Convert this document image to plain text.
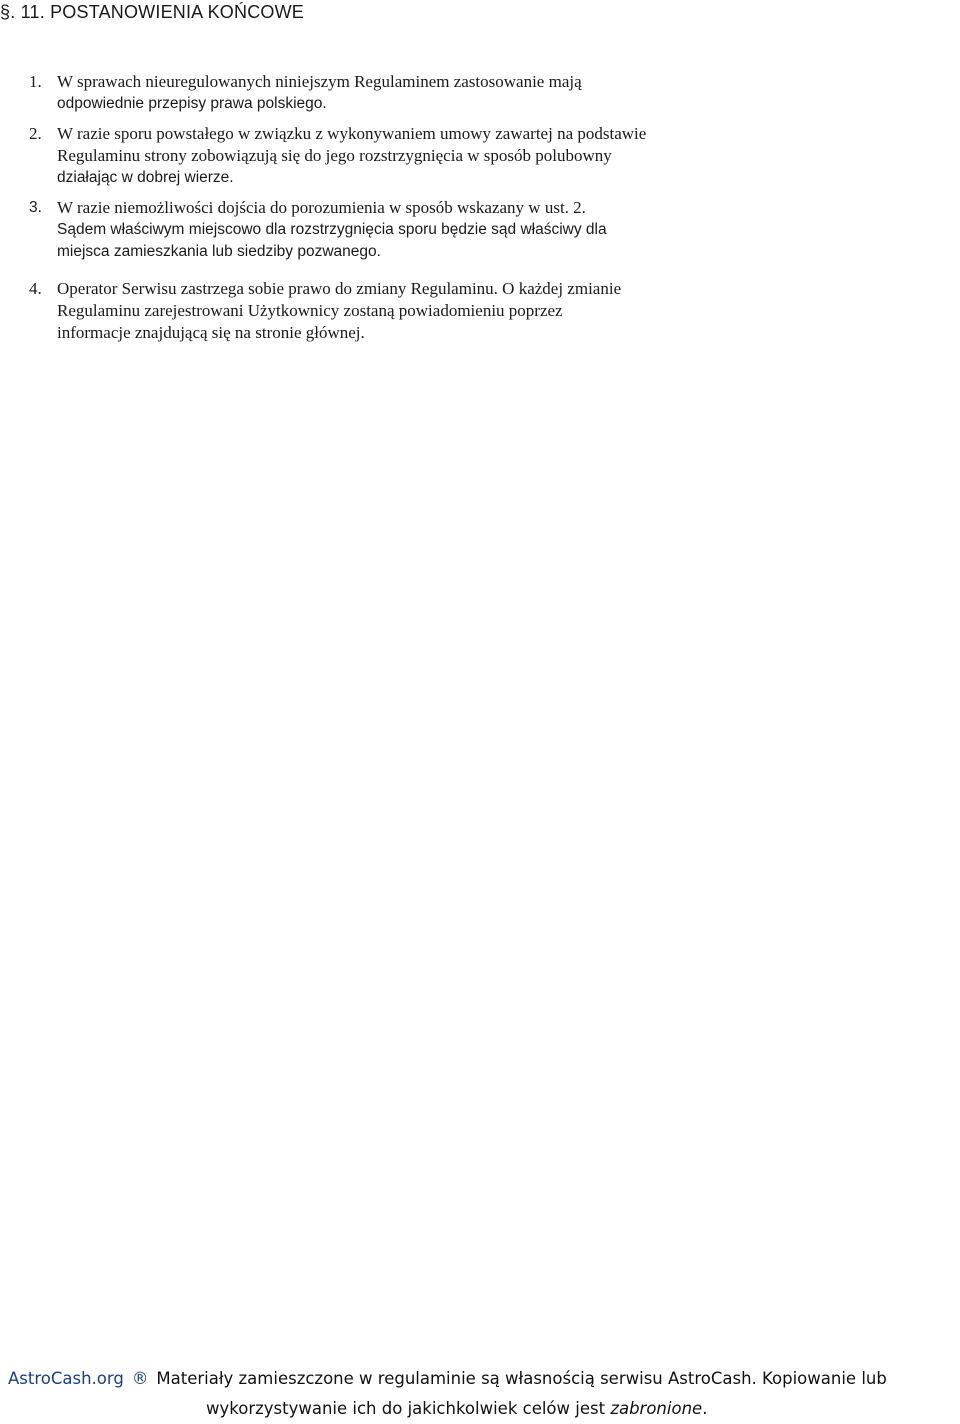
§. 11. POSTANOWIENIA KOŃCOWE
1. W sprawach nieuregulowanych niniejszym Regulaminem zastosowanie mają
odpowiednie przepisy prawa polskiego.
2. W razie sporu powstałego w związku z wykonywaniem umowy zawartej na podstawie
Regulaminu strony zobowiązują się do jego rozstrzygnięcia w sposób polubowny
działając w dobrej wierze.
3. W razie niemożliwości dojścia do porozumienia w sposób wskazany w ust. 2.
Sądem właściwym miejscowo dla rozstrzygnięcia sporu będzie sąd właściwy dla
miejsca zamieszkania lub siedziby pozwanego.
4. Operator Serwisu zastrzega sobie prawo do zmiany Regulaminu. O każdej zmianie
Regulaminu zarejestrowani Użytkownicy zostaną powiadomieniu poprzez
informacje znajdującą się na stronie głównej.
AstroCash.org ® Materiały zamieszczone w regulaminie są własnością serwisu AstroCash. Kopiowanie lub
wykorzystywanie ich do jakichkolwiek celów jest zabronione.
